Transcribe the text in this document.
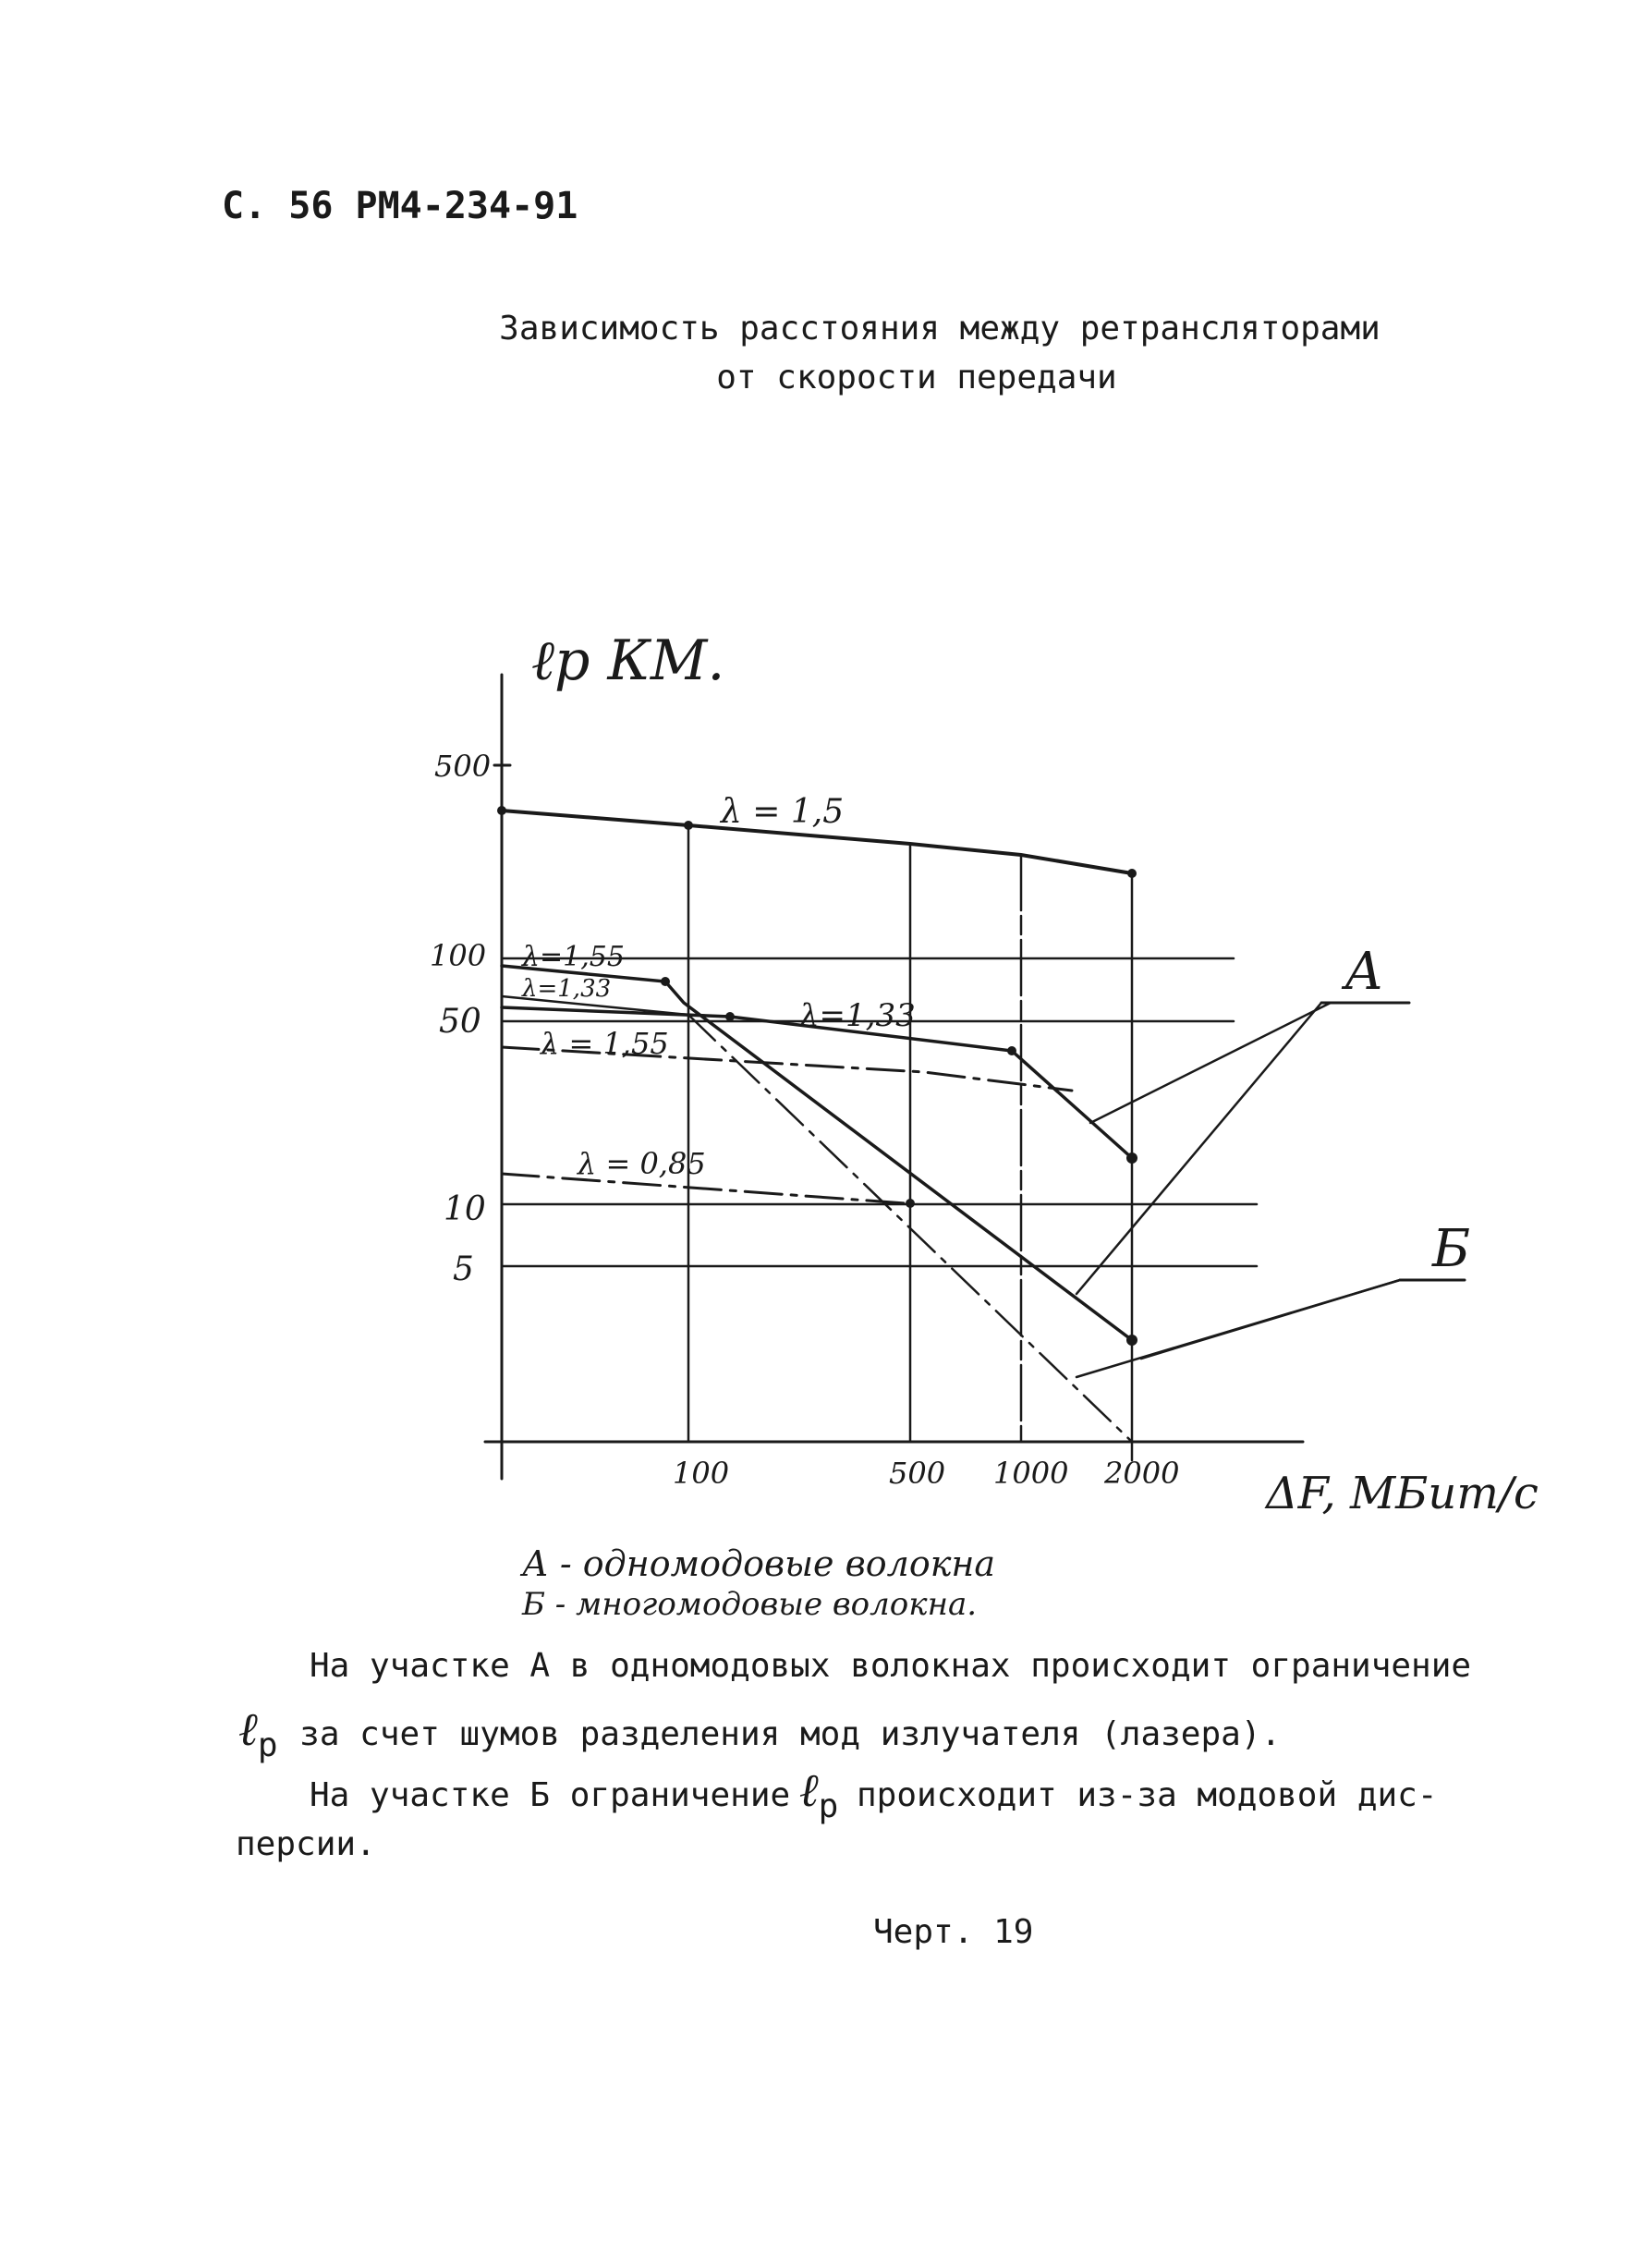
С. 56 РМ4-234-91
Зависимость расстояния между ретрансляторами
от скорости передачи
ℓp КМ.
ΔF, МБит/с
500
100
50
10
5
100	500 1000 2000
λ = 1,5
λ=1,55
λ=1,33
λ=1,33
λ = 1,55
λ = 0,85
А
Б
А - одномодовые волокна
Б - многомодовые волокна.
На участке А в одномодовых волокнах происходит ограничение
ℓр за счет шумов разделения мод излучателя (лазера).
На участке Б ограничение ℓр происходит из-за модовой дис-
персии.
Черт. 19
